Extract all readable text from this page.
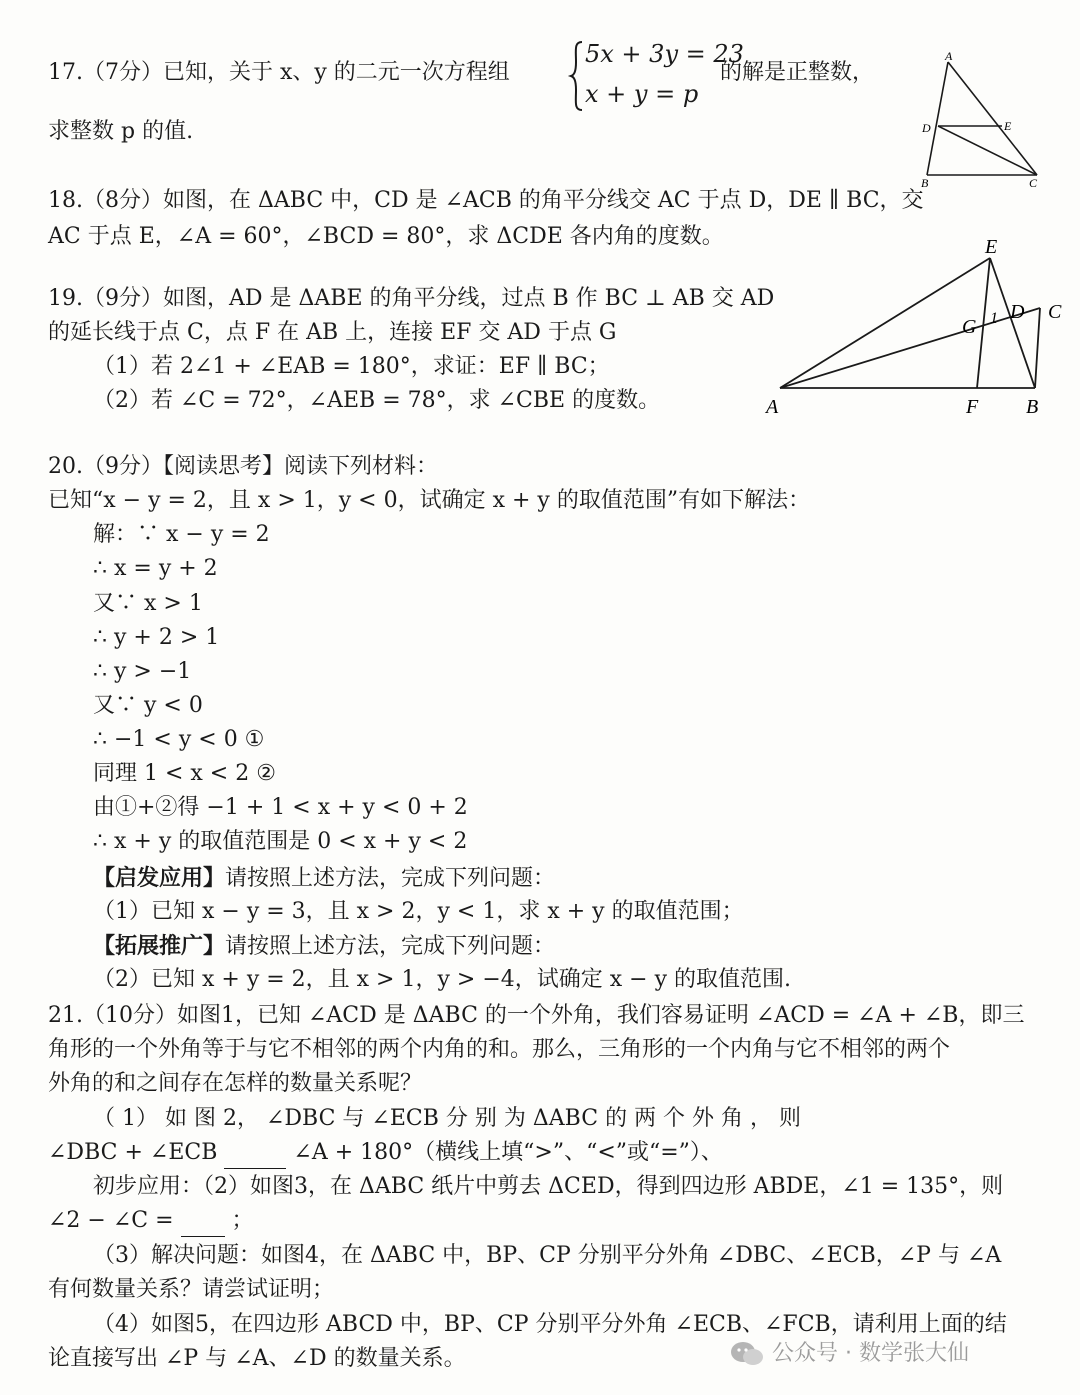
17.（7分）已知，关于 x、y 的二元一次方程组
5x + 3y = 23
x + y = p
的解是正整数，
求整数 p 的值.
A
D	E
B	C
18.（8分）如图，在 ΔABC 中，CD 是 ∠ACB 的角平分线交 AC 于点 D，DE ∥ BC，交
AC 于点 E，∠A = 60°，∠BCD = 80°，求 ΔCDE 各内角的度数。	E
G 1 D C
A	F B
19.（9分）如图，AD 是 ΔABE 的角平分线，过点 B 作 BC ⊥ AB 交 AD
的延长线于点 C，点 F 在 AB 上，连接 EF 交 AD 于点 G
（1）若 2∠1 + ∠EAB = 180°，求证：EF ∥ BC；
（2）若 ∠C = 72°，∠AEB = 78°，求 ∠CBE 的度数。
20.（9分）【阅读思考】阅读下列材料：
已知“x − y = 2，且 x > 1，y < 0，试确定 x + y 的取值范围”有如下解法：
解：∵ x − y = 2
∴ x = y + 2
又∵ x > 1
∴ y + 2 > 1
∴ y > −1
又∵ y < 0
∴ −1 < y < 0 ①
同理 1 < x < 2 ②
由①+②得 −1 + 1 < x + y < 0 + 2
∴ x + y 的取值范围是 0 < x + y < 2
【启发应用】请按照上述方法，完成下列问题：
（1）已知 x − y = 3，且 x > 2，y < 1，求 x + y 的取值范围；
【拓展推广】请按照上述方法，完成下列问题：
（2）已知 x + y = 2，且 x > 1，y > −4，试确定 x − y 的取值范围.
21.（10分）如图1，已知 ∠ACD 是 ΔABC 的一个外角，我们容易证明 ∠ACD = ∠A + ∠B，即三
角形的一个外角等于与它不相邻的两个内角的和。那么，三角形的一个内角与它不相邻的两个
外角的和之间存在怎样的数量关系呢？
（ 1） 如 图 2， ∠DBC 与 ∠ECB 分 别 为 ΔABC 的 两 个 外 角 ， 则
∠DBC + ∠ECB	∠A + 180°（横线上填“>”、“<”或“=”）、
初步应用：（2）如图3，在 ΔABC 纸片中剪去 ΔCED，得到四边形 ABDE，∠1 = 135°，则
∠2 − ∠C =	；
（3）解决问题：如图4，在 ΔABC 中，BP、CP 分别平分外角 ∠DBC、∠ECB，∠P 与 ∠A
有何数量关系？请尝试证明；
（4）如图5，在四边形 ABCD 中，BP、CP 分别平分外角 ∠ECB、∠FCB，请利用上面的结
论直接写出 ∠P 与 ∠A、∠D 的数量关系。	公众号 · 数学张大仙
